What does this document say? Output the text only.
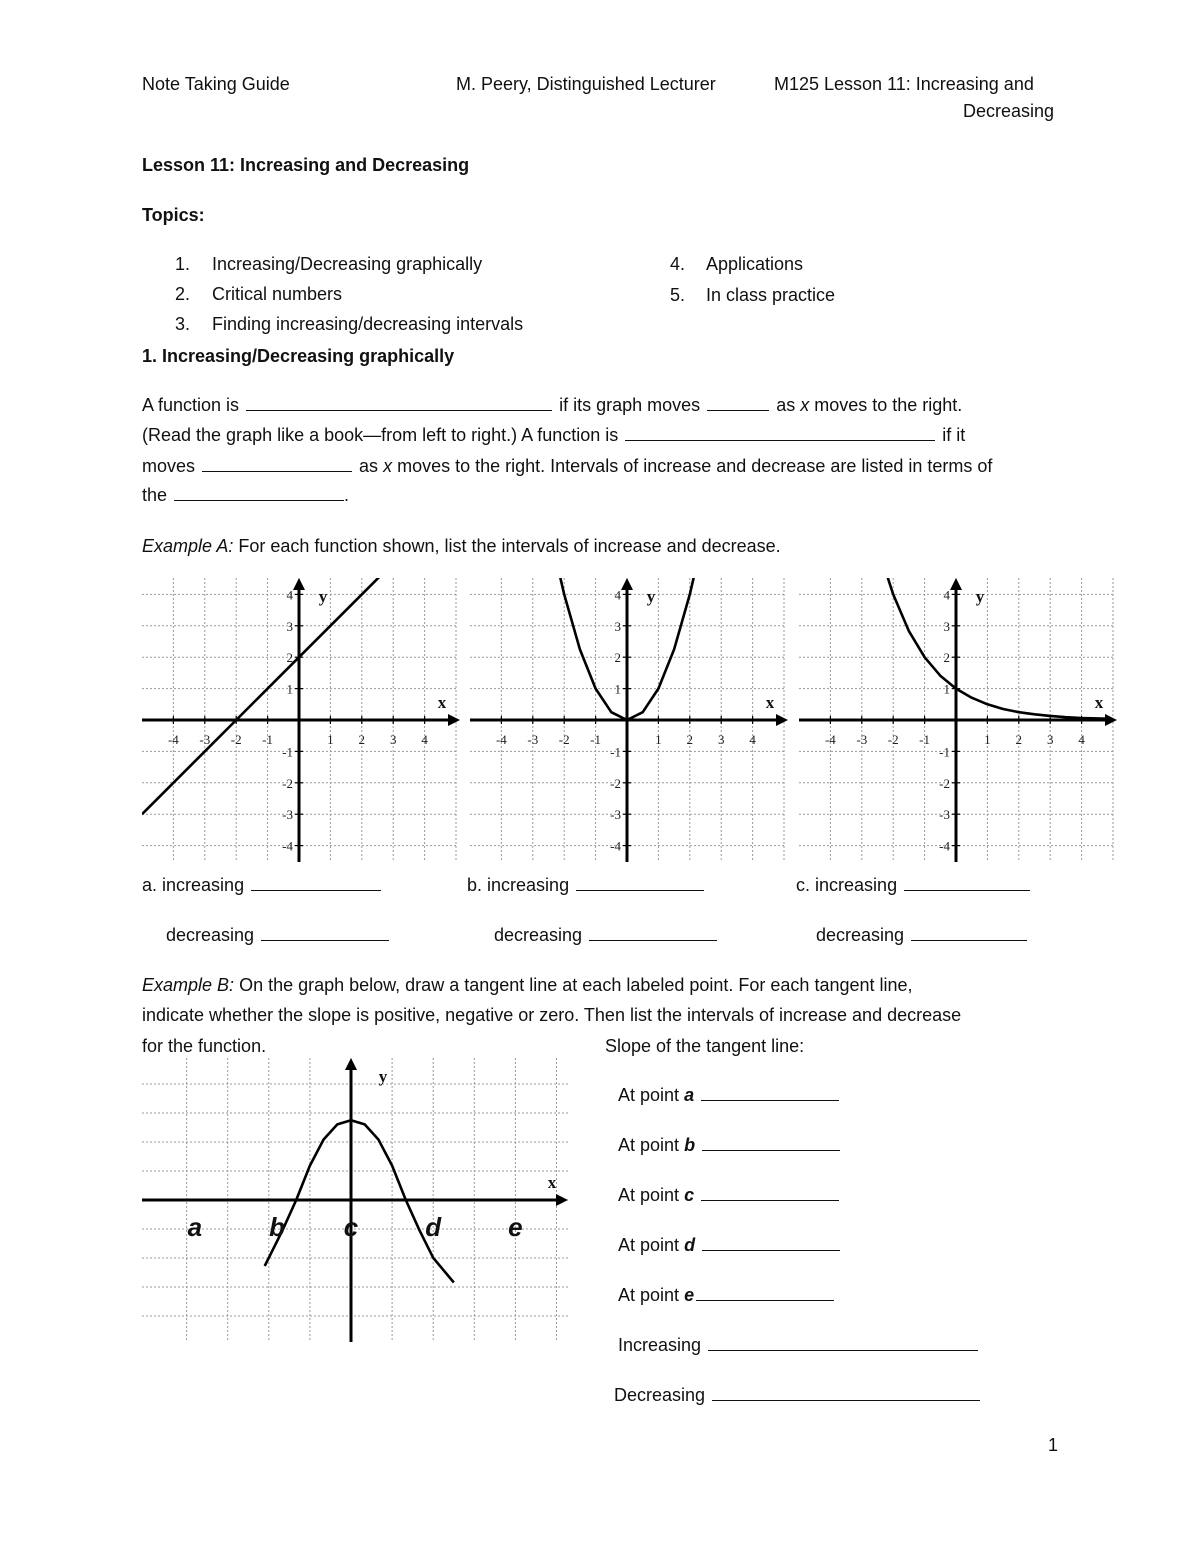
Note Taking Guide	M. Peery, Distinguished Lecturer	M125 Lesson 11: Increasing and
Decreasing
Lesson 11: Increasing and Decreasing
Topics:
1. Increasing/Decreasing graphically
2. Critical numbers
3. Finding increasing/decreasing intervals
4. Applications
5. In class practice
1. Increasing/Decreasing graphically
A function is	if its graph moves	as x moves to the right.
(Read the graph like a book—from left to right.) A function is	if it
moves	as x moves to the right. Intervals of increase and decrease are listed in terms of
the	.
Example A: For each function shown, list the intervals of increase and decrease.
-4 -3 -2 -1	1 2 3 4
4
3
2
1
-1
-2
-3
-4
x
y
-4 -3 -2 -1	1 2 3 4
4
3
2
1
-1
-2
-3
-4
x
y
-4 -3 -2 -1	1 2 3 4
4
3
2
1
-1
-2
-3
-4
x
y
a. increasing
decreasing
b. increasing
decreasing
c. increasing
decreasing
Example B: On the graph below, draw a tangent line at each labeled point. For each tangent line,
indicate whether the slope is positive, negative or zero. Then list the intervals of increase and decrease
for the function.	Slope of the tangent line:
x
y
a	b c	d	e
At point a
At point b
At point c
At point d
At point e
Increasing
Decreasing
1
